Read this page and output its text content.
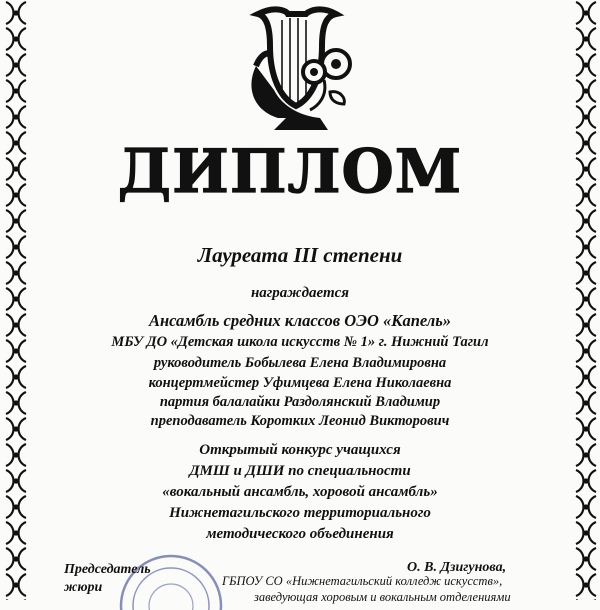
ДИПЛОМ
Лауреата III степени
награждается
Ансамбль средних классов ОЭО «Капель»
МБУ ДО «Детская школа искусств № 1» г. Нижний Тагил
руководитель Бобылева Елена Владимировна
концертмейстер Уфимцева Елена Николаевна
партия балалайки Раздолянский Владимир
преподаватель Коротких Леонид Викторович
Открытый конкурс учащихся
ДМШ и ДШИ по специальности
«вокальный ансамбль, хоровой ансамбль»
Нижнетагильского территориального
методического объединения
Председатель
жюри
О. В. Дзигунова,
ГБПОУ СО «Нижнетагильский колледж искусств»,
заведующая хоровым и вокальным отделениями
